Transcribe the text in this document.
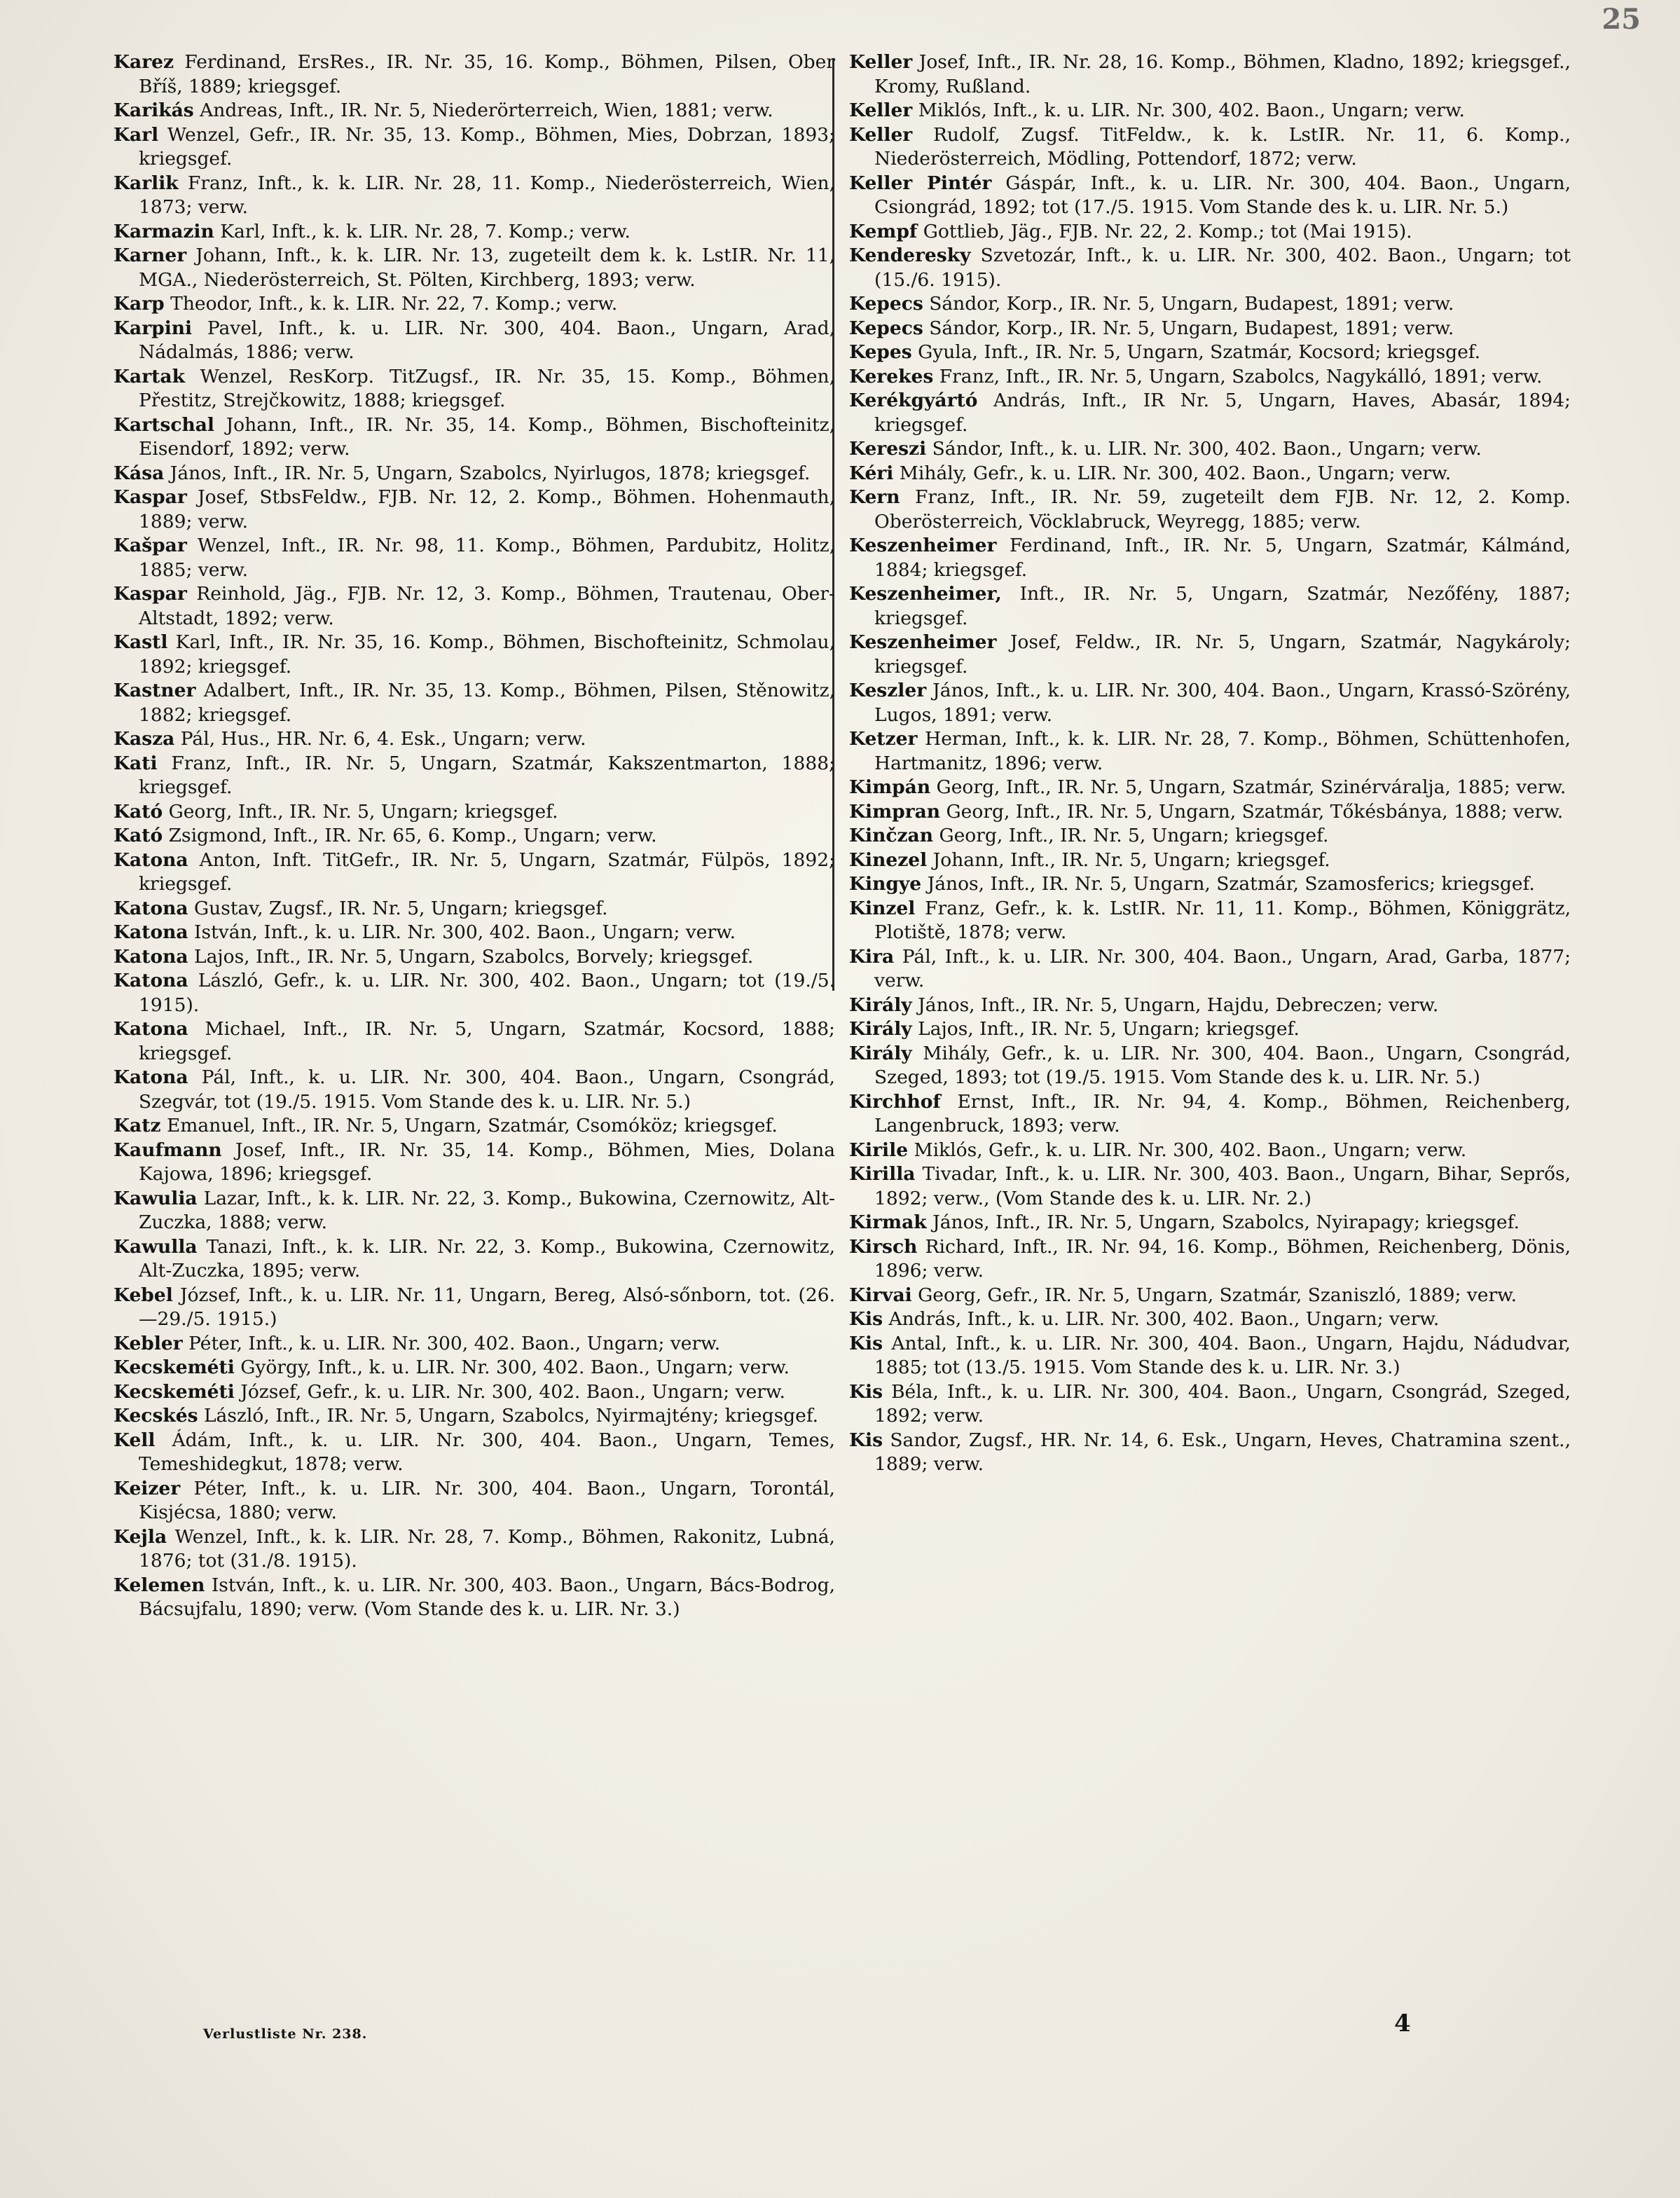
25

Karez Ferdinand, ErsRes., IR. Nr. 35, 16. Komp., Böhmen, Pilsen, Ober Bříš, 1889; kriegsgef.

Karikás Andreas, Inft., IR. Nr. 5, Niederörterreich, Wien, 1881; verw.

Karl Wenzel, Gefr., IR. Nr. 35, 13. Komp., Böhmen, Mies, Dobrzan, 1893; kriegsgef.

Karlik Franz, Inft., k. k. LIR. Nr. 28, 11. Komp., Niederösterreich, Wien, 1873; verw.

Karmazin Karl, Inft., k. k. LIR. Nr. 28, 7. Komp.; verw.

Karner Johann, Inft., k. k. LIR. Nr. 13, zugeteilt dem k. k. LstIR. Nr. 11, MGA., Niederösterreich, St. Pölten, Kirchberg, 1893; verw.

Karp Theodor, Inft., k. k. LIR. Nr. 22, 7. Komp.; verw.

Karpini Pavel, Inft., k. u. LIR. Nr. 300, 404. Baon., Ungarn, Arad, Nádalmás, 1886; verw.

Kartak Wenzel, ResKorp. TitZugsf., IR. Nr. 35, 15. Komp., Böhmen, Přestitz, Strejčkowitz, 1888; kriegsgef.

Kartschal Johann, Inft., IR. Nr. 35, 14. Komp., Böhmen, Bischofteinitz, Eisendorf, 1892; verw.

Kása János, Inft., IR. Nr. 5, Ungarn, Szabolcs, Nyirlugos, 1878; kriegsgef.

Kaspar Josef, StbsFeldw., FJB. Nr. 12, 2. Komp., Böhmen. Hohenmauth, 1889; verw.

Kašpar Wenzel, Inft., IR. Nr. 98, 11. Komp., Böhmen, Pardubitz, Holitz, 1885; verw.

Kaspar Reinhold, Jäg., FJB. Nr. 12, 3. Komp., Böhmen, Trautenau, Ober-Altstadt, 1892; verw.

Kastl Karl, Inft., IR. Nr. 35, 16. Komp., Böhmen, Bischofteinitz, Schmolau, 1892; kriegsgef.

Kastner Adalbert, Inft., IR. Nr. 35, 13. Komp., Böhmen, Pilsen, Stěnowitz, 1882; kriegsgef.

Kasza Pál, Hus., HR. Nr. 6, 4. Esk., Ungarn; verw.

Kati Franz, Inft., IR. Nr. 5, Ungarn, Szatmár, Kakszentmarton, 1888; kriegsgef.

Kató Georg, Inft., IR. Nr. 5, Ungarn; kriegsgef.

Kató Zsigmond, Inft., IR. Nr. 65, 6. Komp., Ungarn; verw.

Katona Anton, Inft. TitGefr., IR. Nr. 5, Ungarn, Szatmár, Fülpös, 1892; kriegsgef.

Katona Gustav, Zugsf., IR. Nr. 5, Ungarn; kriegsgef.

Katona István, Inft., k. u. LIR. Nr. 300, 402. Baon., Ungarn; verw.

Katona Lajos, Inft., IR. Nr. 5, Ungarn, Szabolcs, Borvely; kriegsgef.

Katona László, Gefr., k. u. LIR. Nr. 300, 402. Baon., Ungarn; tot (19./5. 1915).

Katona Michael, Inft., IR. Nr. 5, Ungarn, Szatmár, Kocsord, 1888; kriegsgef.

Katona Pál, Inft., k. u. LIR. Nr. 300, 404. Baon., Ungarn, Csongrád, Szegvár, tot (19./5. 1915. Vom Stande des k. u. LIR. Nr. 5.)

Katz Emanuel, Inft., IR. Nr. 5, Ungarn, Szatmár, Csomóköz; kriegsgef.

Kaufmann Josef, Inft., IR. Nr. 35, 14. Komp., Böhmen, Mies, Dolana Kajowa, 1896; kriegsgef.

Kawulia Lazar, Inft., k. k. LIR. Nr. 22, 3. Komp., Bukowina, Czernowitz, Alt-Zuczka, 1888; verw.

Kawulla Tanazi, Inft., k. k. LIR. Nr. 22, 3. Komp., Bukowina, Czernowitz, Alt-Zuczka, 1895; verw.

Kebel József, Inft., k. u. LIR. Nr. 11, Ungarn, Bereg, Alsó-sőnborn, tot. (26.—29./5. 1915.)

Kebler Péter, Inft., k. u. LIR. Nr. 300, 402. Baon., Ungarn; verw.

Kecskeméti György, Inft., k. u. LIR. Nr. 300, 402. Baon., Ungarn; verw.

Kecskeméti József, Gefr., k. u. LIR. Nr. 300, 402. Baon., Ungarn; verw.

Kecskés László, Inft., IR. Nr. 5, Ungarn, Szabolcs, Nyirmajtény; kriegsgef.

Kell Ádám, Inft., k. u. LIR. Nr. 300, 404. Baon., Ungarn, Temes, Temeshidegkut, 1878; verw.

Keizer Péter, Inft., k. u. LIR. Nr. 300, 404. Baon., Ungarn, Torontál, Kisjécsa, 1880; verw.

Kejla Wenzel, Inft., k. k. LIR. Nr. 28, 7. Komp., Böhmen, Rakonitz, Lubná, 1876; tot (31./8. 1915).

Kelemen István, Inft., k. u. LIR. Nr. 300, 403. Baon., Ungarn, Bács-Bodrog, Bácsujfalu, 1890; verw. (Vom Stande des k. u. LIR. Nr. 3.)

Keller Josef, Inft., IR. Nr. 28, 16. Komp., Böhmen, Kladno, 1892; kriegsgef., Kromy, Rußland.

Keller Miklós, Inft., k. u. LIR. Nr. 300, 402. Baon., Ungarn; verw.

Keller Rudolf, Zugsf. TitFeldw., k. k. LstIR. Nr. 11, 6. Komp., Niederösterreich, Mödling, Pottendorf, 1872; verw.

Keller Pintér Gáspár, Inft., k. u. LIR. Nr. 300, 404. Baon., Ungarn, Csiongrád, 1892; tot (17./5. 1915. Vom Stande des k. u. LIR. Nr. 5.)

Kempf Gottlieb, Jäg., FJB. Nr. 22, 2. Komp.; tot (Mai 1915).

Kenderesky Szvetozár, Inft., k. u. LIR. Nr. 300, 402. Baon., Ungarn; tot (15./6. 1915).

Kepecs Sándor, Korp., IR. Nr. 5, Ungarn, Budapest, 1891; verw.

Kepecs Sándor, Korp., IR. Nr. 5, Ungarn, Budapest, 1891; verw.

Kepes Gyula, Inft., IR. Nr. 5, Ungarn, Szatmár, Kocsord; kriegsgef.

Kerekes Franz, Inft., IR. Nr. 5, Ungarn, Szabolcs, Nagykálló, 1891; verw.

Kerékgyártó András, Inft., IR Nr. 5, Ungarn, Haves, Abasár, 1894; kriegsgef.

Kereszi Sándor, Inft., k. u. LIR. Nr. 300, 402. Baon., Ungarn; verw.

Kéri Mihály, Gefr., k. u. LIR. Nr. 300, 402. Baon., Ungarn; verw.

Kern Franz, Inft., IR. Nr. 59, zugeteilt dem FJB. Nr. 12, 2. Komp. Oberösterreich, Vöcklabruck, Weyregg, 1885; verw.

Keszenheimer Ferdinand, Inft., IR. Nr. 5, Ungarn, Szatmár, Kálmánd, 1884; kriegsgef.

Keszenheimer, Inft., IR. Nr. 5, Ungarn, Szatmár, Nezőfény, 1887; kriegsgef.

Keszenheimer Josef, Feldw., IR. Nr. 5, Ungarn, Szatmár, Nagykároly; kriegsgef.

Keszler János, Inft., k. u. LIR. Nr. 300, 404. Baon., Ungarn, Krassó-Szörény, Lugos, 1891; verw.

Ketzer Herman, Inft., k. k. LIR. Nr. 28, 7. Komp., Böhmen, Schüttenhofen, Hartmanitz, 1896; verw.

Kimpán Georg, Inft., IR. Nr. 5, Ungarn, Szatmár, Szinérváralja, 1885; verw.

Kimpran Georg, Inft., IR. Nr. 5, Ungarn, Szatmár, Tőkésbánya, 1888; verw.

Kinčzan Georg, Inft., IR. Nr. 5, Ungarn; kriegsgef.

Kinezel Johann, Inft., IR. Nr. 5, Ungarn; kriegsgef.

Kingye János, Inft., IR. Nr. 5, Ungarn, Szatmár, Szamosferics; kriegsgef.

Kinzel Franz, Gefr., k. k. LstIR. Nr. 11, 11. Komp., Böhmen, Königgrätz, Plotiště, 1878; verw.

Kira Pál, Inft., k. u. LIR. Nr. 300, 404. Baon., Ungarn, Arad, Garba, 1877; verw.

Király János, Inft., IR. Nr. 5, Ungarn, Hajdu, Debreczen; verw.

Király Lajos, Inft., IR. Nr. 5, Ungarn; kriegsgef.

Király Mihály, Gefr., k. u. LIR. Nr. 300, 404. Baon., Ungarn, Csongrád, Szeged, 1893; tot (19./5. 1915. Vom Stande des k. u. LIR. Nr. 5.)

Kirchhof Ernst, Inft., IR. Nr. 94, 4. Komp., Böhmen, Reichenberg, Langenbruck, 1893; verw.

Kirile Miklós, Gefr., k. u. LIR. Nr. 300, 402. Baon., Ungarn; verw.

Kirilla Tivadar, Inft., k. u. LIR. Nr. 300, 403. Baon., Ungarn, Bihar, Seprős, 1892; verw., (Vom Stande des k. u. LIR. Nr. 2.)

Kirmak János, Inft., IR. Nr. 5, Ungarn, Szabolcs, Nyirapagy; kriegsgef.

Kirsch Richard, Inft., IR. Nr. 94, 16. Komp., Böhmen, Reichenberg, Dönis, 1896; verw.

Kirvai Georg, Gefr., IR. Nr. 5, Ungarn, Szatmár, Szaniszló, 1889; verw.

Kis András, Inft., k. u. LIR. Nr. 300, 402. Baon., Ungarn; verw.

Kis Antal, Inft., k. u. LIR. Nr. 300, 404. Baon., Ungarn, Hajdu, Nádudvar, 1885; tot (13./5. 1915. Vom Stande des k. u. LIR. Nr. 3.)

Kis Béla, Inft., k. u. LIR. Nr. 300, 404. Baon., Ungarn, Csongrád, Szeged, 1892; verw.

Kis Sandor, Zugsf., HR. Nr. 14, 6. Esk., Ungarn, Heves, Chatramina szent., 1889; verw.

Verlustliste Nr. 238.	4
